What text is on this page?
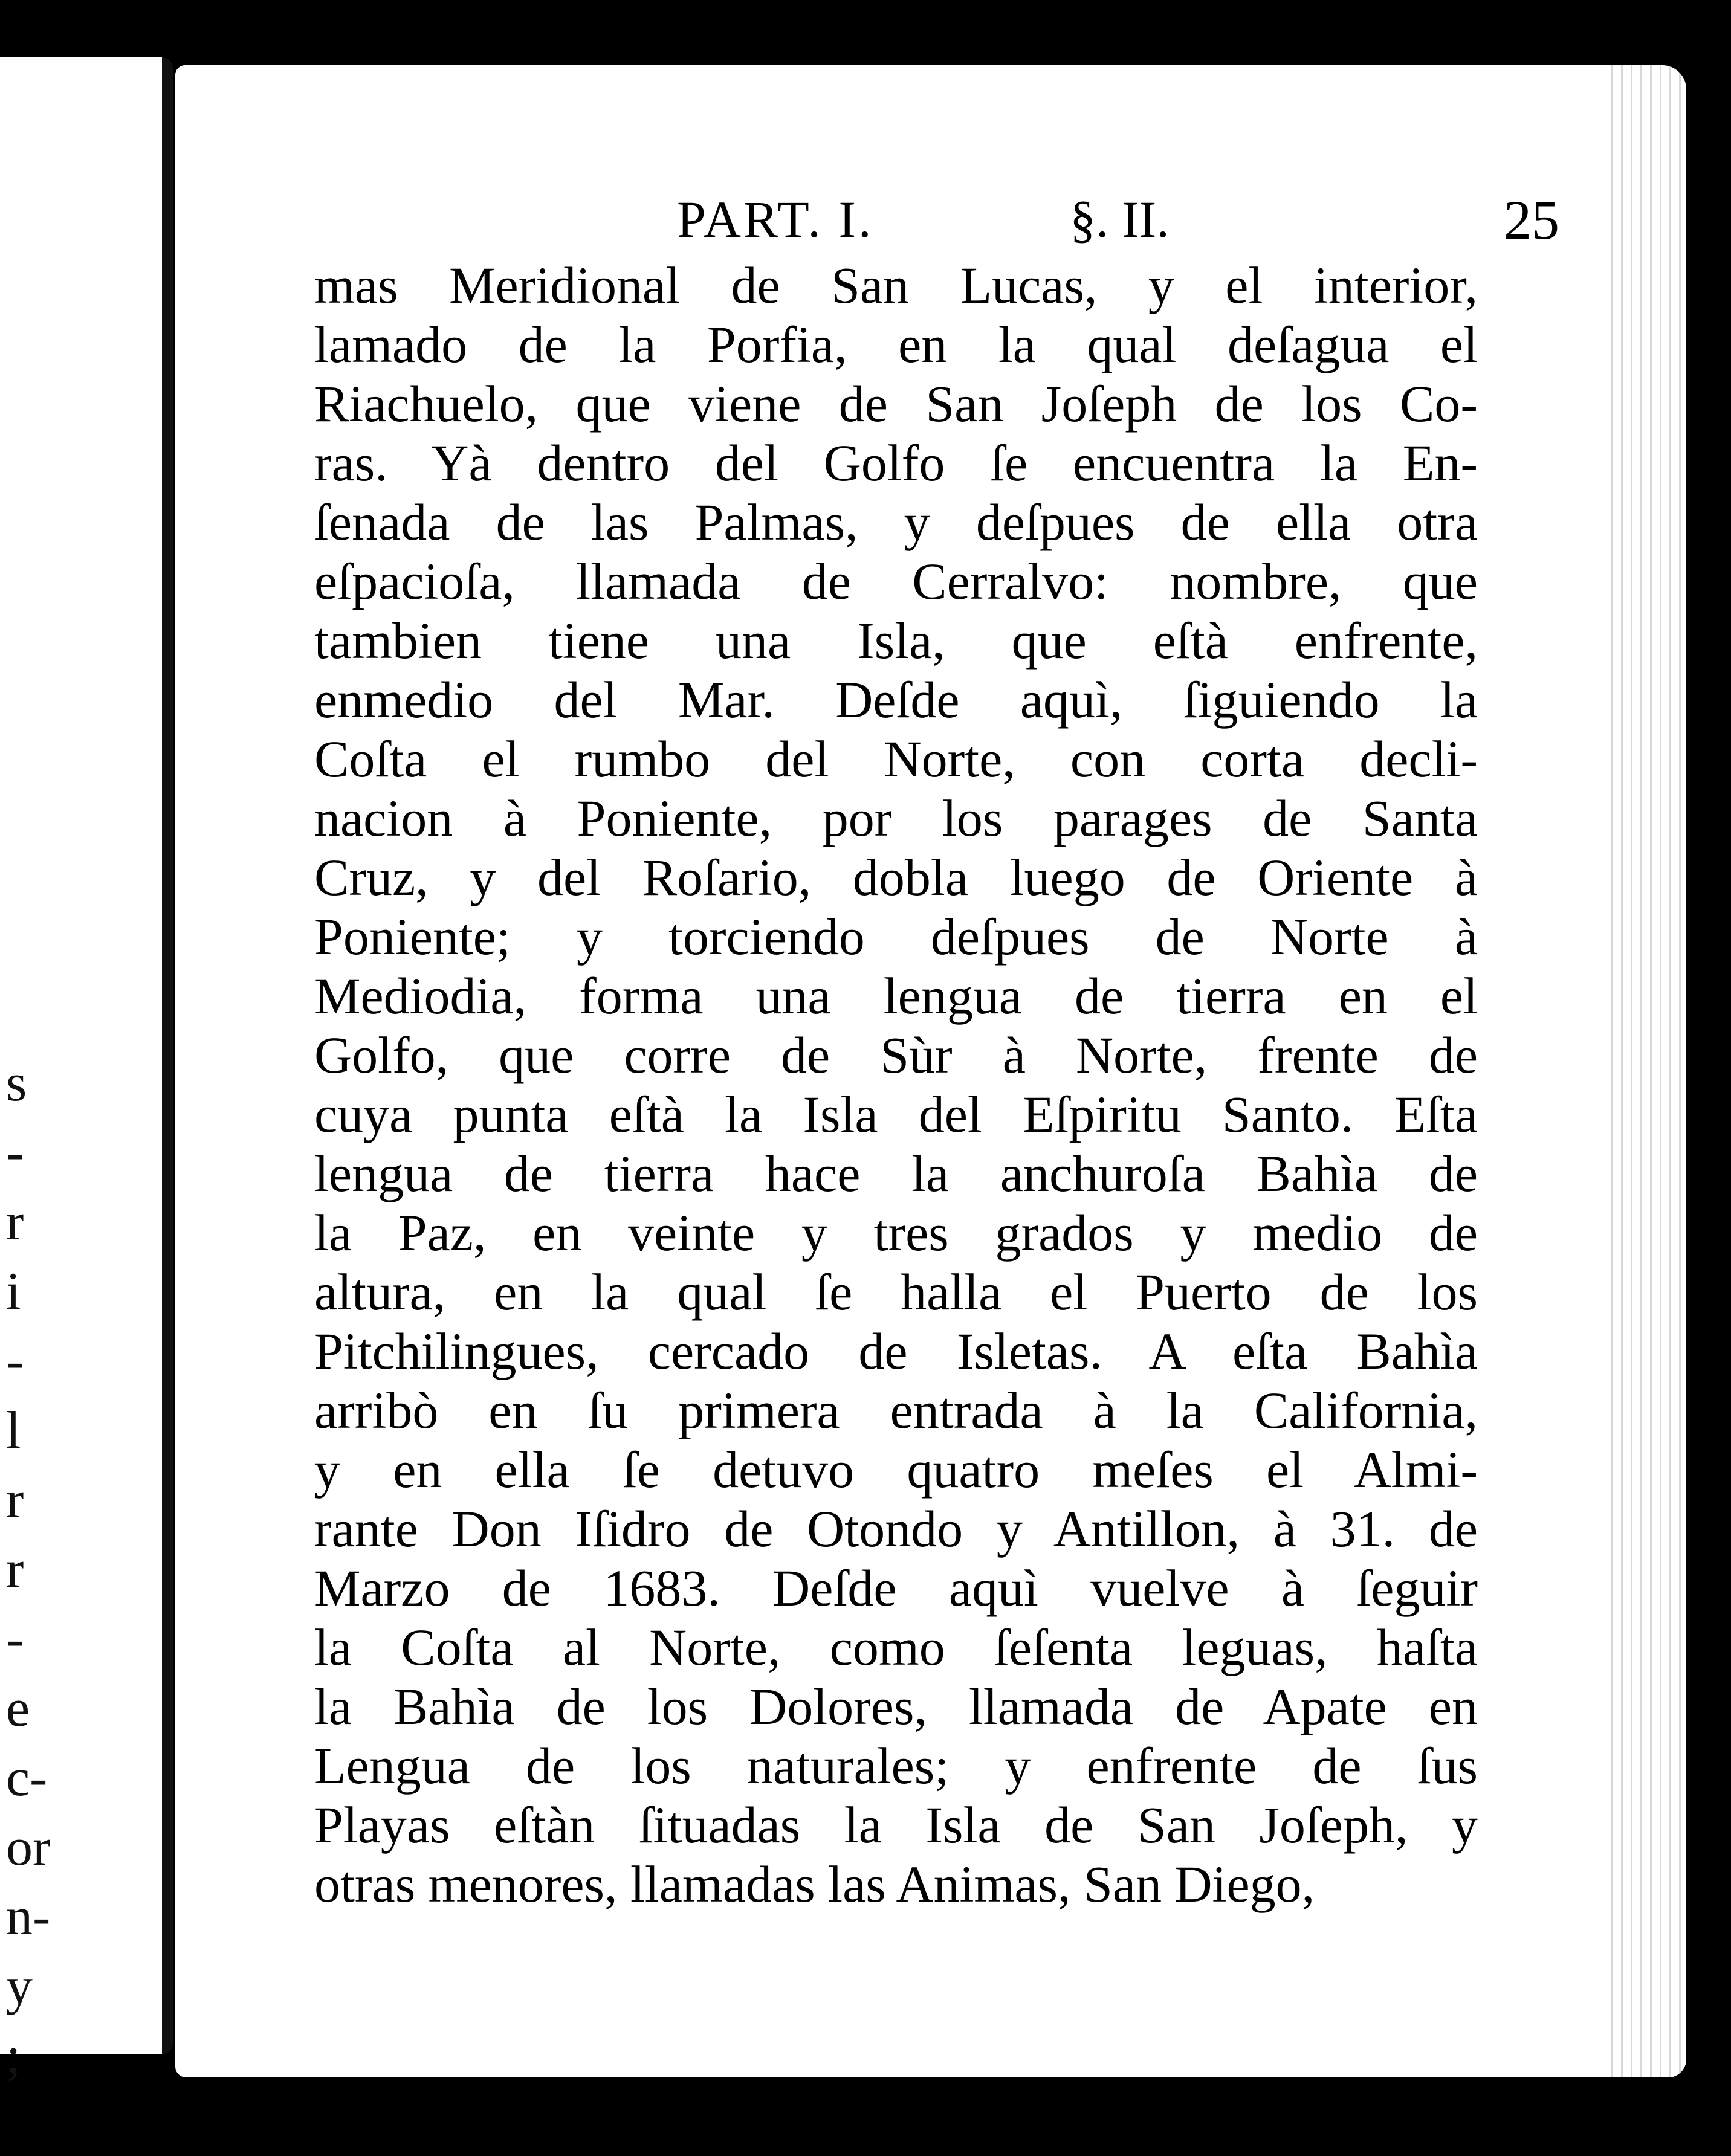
s
-
r
i
-
l
r
r
-
e
c-
or
n-
y
;
PART. I.	§. II.	25
mas Meridional de San Lucas, y el interior,
lamado de la Porfia, en la qual deſagua el
Riachuelo, que viene de San Joſeph de los Co-
ras. Yà dentro del Golfo ſe encuentra la En-
ſenada de las Palmas, y deſpues de ella otra
eſpacioſa, llamada de Cerralvo: nombre, que
tambien tiene una Isla, que eſtà enfrente,
enmedio del Mar. Deſde aquì, ſiguiendo la
Coſta el rumbo del Norte, con corta decli-
nacion à Poniente, por los parages de Santa
Cruz, y del Roſario, dobla luego de Oriente à
Poniente; y torciendo deſpues de Norte à
Mediodia, forma una lengua de tierra en el
Golfo, que corre de Sùr à Norte, frente de
cuya punta eſtà la Isla del Eſpiritu Santo. Eſta
lengua de tierra hace la anchuroſa Bahìa de
la Paz, en veinte y tres grados y medio de
altura, en la qual ſe halla el Puerto de los
Pitchilingues, cercado de Isletas. A eſta Bahìa
arribò en ſu primera entrada à la California,
y en ella ſe detuvo quatro meſes el Almi-
rante Don Iſidro de Otondo y Antillon, à 31. de
Marzo de 1683. Deſde aquì vuelve à ſeguir
la Coſta al Norte, como ſeſenta leguas, haſta
la Bahìa de los Dolores, llamada de Apate en
Lengua de los naturales; y enfrente de ſus
Playas eſtàn ſituadas la Isla de San Joſeph, y
otras menores, llamadas las Animas, San Diego,
Tom. I.	D	San-
